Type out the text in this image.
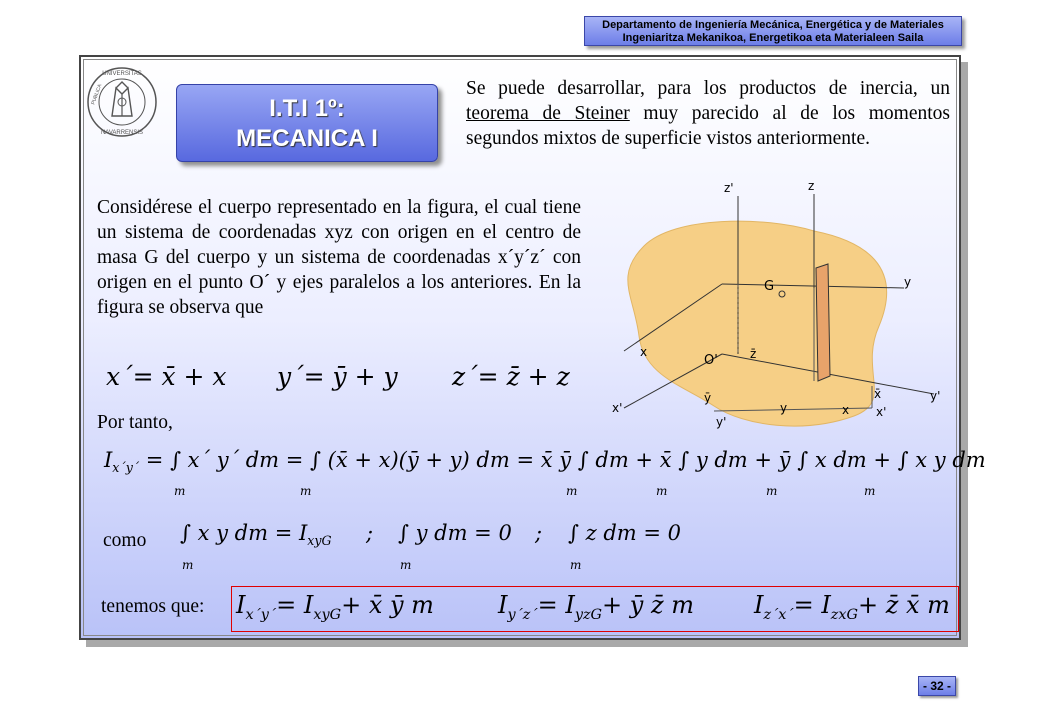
Departamento de Ingeniería Mecánica, Energética y de Materiales
Ingeniaritza Mekanikoa, Energetikoa eta Materialeen Saila
UNIVERSITAS
NAVARRENSIS
PUBLICA
I.T.I 1º:
MECANICA I
Se puede desarrollar, para los productos de inercia, un teorema de Steiner muy parecido al de los momentos segundos mixtos de superficie vistos anteriormente.
Considérese el cuerpo representado en la figura, el cual tiene un sistema de coordenadas xyz con origen en el centro de masa G del cuerpo y un sistema de coordenadas x´y´z´ con origen en el punto O´ y ejes paralelos a los anteriores. En la figura se observa que
x´= x̄ + x y´= ȳ + y z´= z̄ + z
Por tanto,
$I_{x´y´}$ = ∫ x´ y´ dm = ∫ (x̄ + x)(ȳ + y) dm = x̄ ȳ ∫ dm + x̄ ∫ y dm + ȳ ∫ x dm + ∫ x y dm
m	m	m	m	m	m
como ∫ x y dm = $I_{xyG}$ ; ∫ y dm = 0 ; ∫ z dm = 0
m	m	m
tenemos que: $I_{x´y´}= I_{xyG}+$ x̄ ȳ m	$I_{y´z´}= I_{yzG}+$ ȳ z̄ m	$I_{z´x´}= I_{zxG}+$ z̄ x̄ m
z'	z
G	y
x
O'	z̄
x'
ȳ
y	x
x̄	y'
y'
x'
- 32 -
